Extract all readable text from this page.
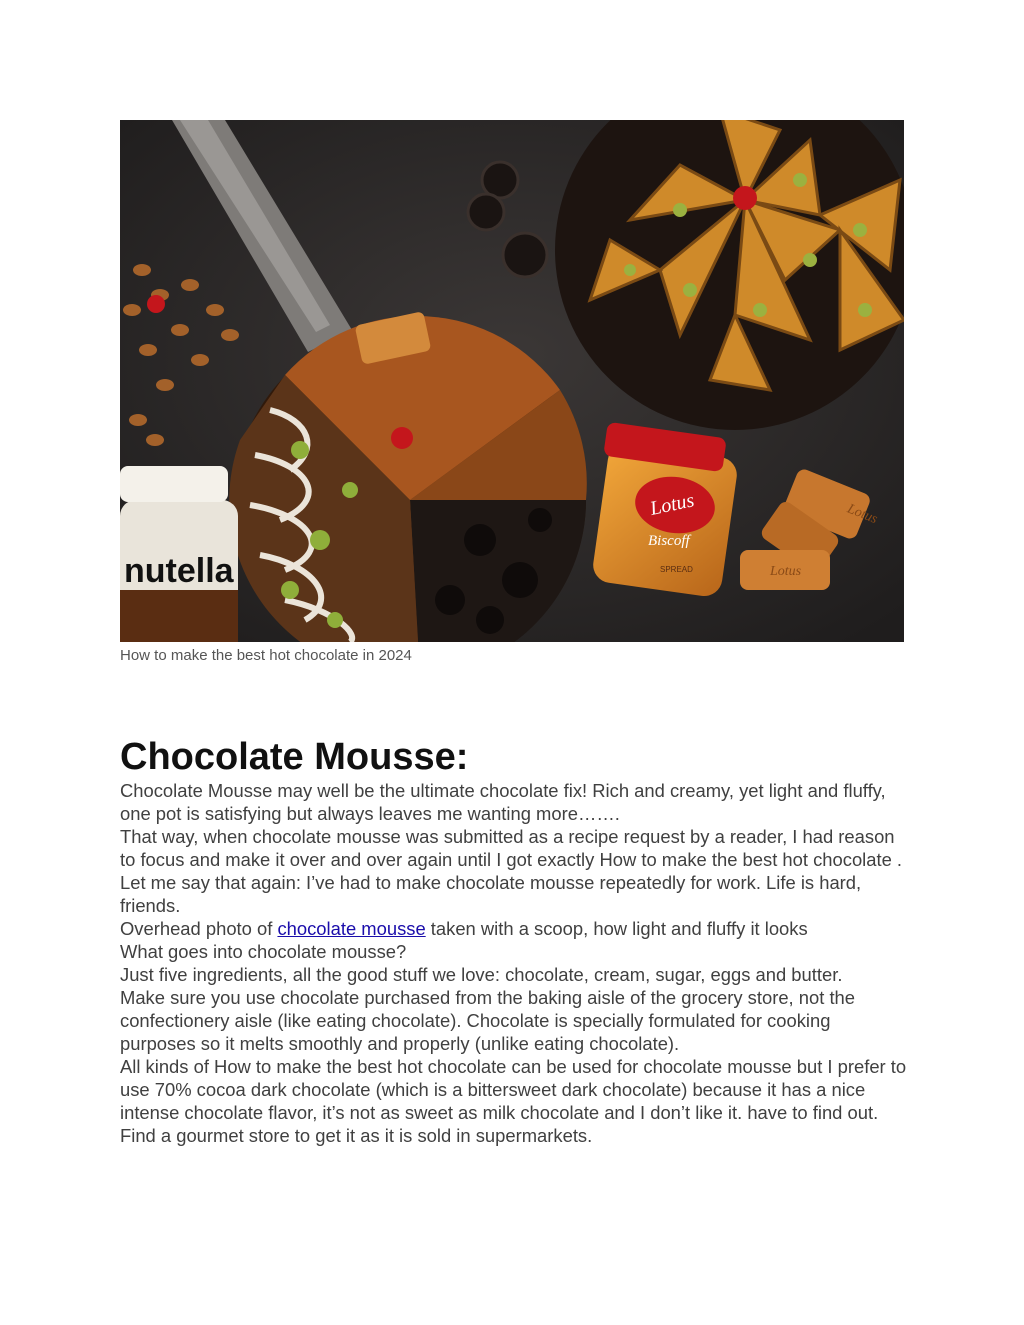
nutella
Lotus
Biscoff
SPREAD
Lotus
Lotus
How to make the best hot chocolate in 2024
Chocolate Mousse:

Chocolate Mousse may well be the ultimate chocolate fix! Rich and creamy, yet light and fluffy, one pot is satisfying but always leaves me wanting more…….

That way, when chocolate mousse was submitted as a recipe request by a reader, I had reason to focus and make it over and over again until I got exactly How to make the best hot chocolate .

Let me say that again: I’ve had to make chocolate mousse repeatedly for work. Life is hard, friends.

Overhead photo of chocolate mousse taken with a scoop, how light and fluffy it looks

What goes into chocolate mousse?

Just five ingredients, all the good stuff we love: chocolate, cream, sugar, eggs and butter.

Make sure you use chocolate purchased from the baking aisle of the grocery store, not the confectionery aisle (like eating chocolate). Chocolate is specially formulated for cooking purposes so it melts smoothly and properly (unlike eating chocolate).

All kinds of How to make the best hot chocolate can be used for chocolate mousse but I prefer to use 70% cocoa dark chocolate (which is a bittersweet dark chocolate) because it has a nice intense chocolate flavor, it’s not as sweet as milk chocolate and I don’t like it. have to find out. Find a gourmet store to get it as it is sold in supermarkets.
